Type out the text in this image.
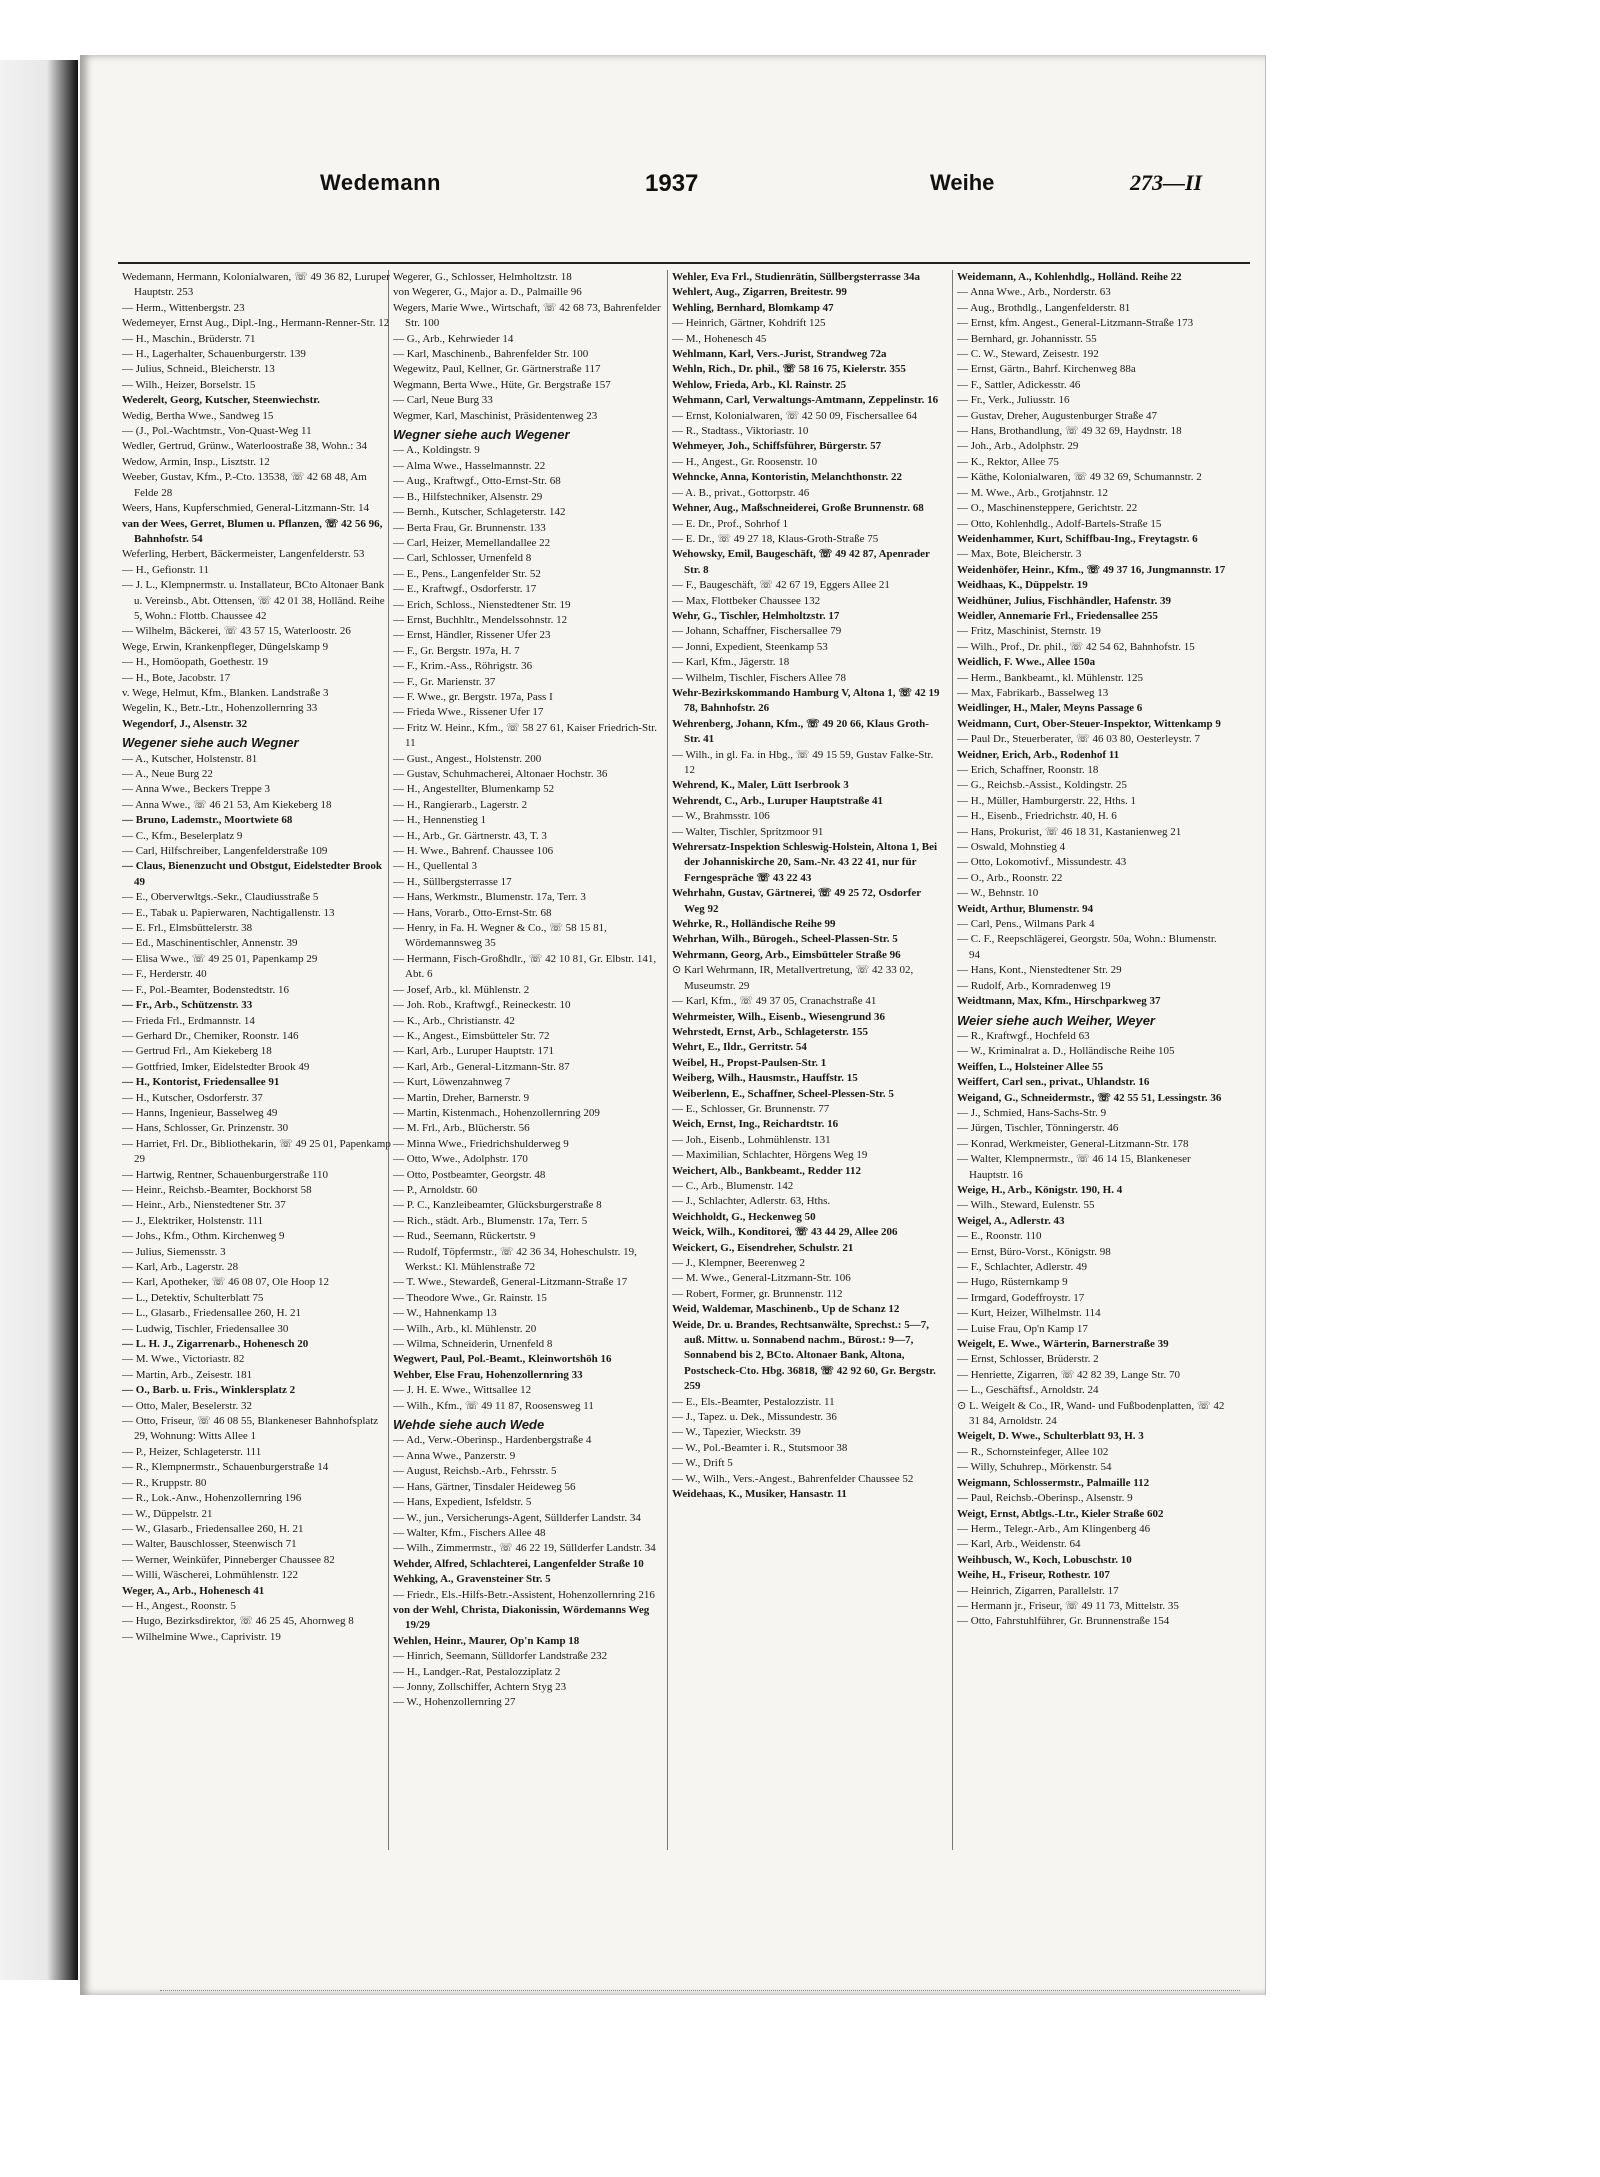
Wedemann	1937	Weihe	273—II

Wedemann, Hermann, Kolonialwaren, ☏ 49 36 82, Luruper Hauptstr. 253

— Herm., Wittenbergstr. 23

Wedemeyer, Ernst Aug., Dipl.-Ing., Hermann-Renner-Str. 12

— H., Maschin., Brüderstr. 71

— H., Lagerhalter, Schauenburgerstr. 139

— Julius, Schneid., Bleicherstr. 13

— Wilh., Heizer, Borselstr. 15

Wederelt, Georg, Kutscher, Steenwiechstr.

Wedig, Bertha Wwe., Sandweg 15

— (J., Pol.-Wachtmstr., Von-Quast-Weg 11

Wedler, Gertrud, Grünw., Waterloostraße 38, Wohn.: 34

Wedow, Armin, Insp., Lisztstr. 12

Weeber, Gustav, Kfm., P.-Cto. 13538, ☏ 42 68 48, Am Felde 28

Weers, Hans, Kupferschmied, General-Litzmann-Str. 14

van der Wees, Gerret, Blumen u. Pflanzen, ☏ 42 56 96, Bahnhofstr. 54

Weferling, Herbert, Bäckermeister, Langenfelderstr. 53

— H., Gefionstr. 11

— J. L., Klempnermstr. u. Installateur, BCto Altonaer Bank u. Vereinsb., Abt. Ottensen, ☏ 42 01 38, Holländ. Reihe 5, Wohn.: Flottb. Chaussee 42

— Wilhelm, Bäckerei, ☏ 43 57 15, Waterloostr. 26

Wege, Erwin, Krankenpfleger, Düngelskamp 9

— H., Homöopath, Goethestr. 19

— H., Bote, Jacobstr. 17

v. Wege, Helmut, Kfm., Blanken. Landstraße 3

Wegelin, K., Betr.-Ltr., Hohenzollernring 33

Wegendorf, J., Alsenstr. 32

Wegener siehe auch Wegner

— A., Kutscher, Holstenstr. 81

— A., Neue Burg 22

— Anna Wwe., Beckers Treppe 3

— Anna Wwe., ☏ 46 21 53, Am Kiekeberg 18

— Bruno, Lademstr., Moortwiete 68

— C., Kfm., Beselerplatz 9

— Carl, Hilfschreiber, Langenfelderstraße 109

— Claus, Bienenzucht und Obstgut, Eidelstedter Brook 49

— E., Oberverwltgs.-Sekr., Claudiusstraße 5

— E., Tabak u. Papierwaren, Nachtigallenstr. 13

— E. Frl., Elmsbüttelerstr. 38

— Ed., Maschinentischler, Annenstr. 39

— Elisa Wwe., ☏ 49 25 01, Papenkamp 29

— F., Herderstr. 40

— F., Pol.-Beamter, Bodenstedtstr. 16

— Fr., Arb., Schützenstr. 33

— Frieda Frl., Erdmannstr. 14

— Gerhard Dr., Chemiker, Roonstr. 146

— Gertrud Frl., Am Kiekeberg 18

— Gottfried, Imker, Eidelstedter Brook 49

— H., Kontorist, Friedensallee 91

— H., Kutscher, Osdorferstr. 37

— Hanns, Ingenieur, Basselweg 49

— Hans, Schlosser, Gr. Prinzenstr. 30

— Harriet, Frl. Dr., Bibliothekarin, ☏ 49 25 01, Papenkamp 29

— Hartwig, Rentner, Schauenburgerstraße 110

— Heinr., Reichsb.-Beamter, Bockhorst 58

— Heinr., Arb., Nienstedtener Str. 37

— J., Elektriker, Holstenstr. 111

— Johs., Kfm., Othm. Kirchenweg 9

— Julius, Siemensstr. 3

— Karl, Arb., Lagerstr. 28

— Karl, Apotheker, ☏ 46 08 07, Ole Hoop 12

— L., Detektiv, Schulterblatt 75

— L., Glasarb., Friedensallee 260, H. 21

— Ludwig, Tischler, Friedensallee 30

— L. H. J., Zigarrenarb., Hohenesch 20

— M. Wwe., Victoriastr. 82

— Martin, Arb., Zeisestr. 181

— O., Barb. u. Fris., Winklersplatz 2

— Otto, Maler, Beselerstr. 32

— Otto, Friseur, ☏ 46 08 55, Blankeneser Bahnhofsplatz 29, Wohnung: Witts Allee 1

— P., Heizer, Schlageterstr. 111

— R., Klempnermstr., Schauenburgerstraße 14

— R., Kruppstr. 80

— R., Lok.-Anw., Hohenzollernring 196

— W., Düppelstr. 21

— W., Glasarb., Friedensallee 260, H. 21

— Walter, Bauschlosser, Steenwisch 71

— Werner, Weinküfer, Pinneberger Chaussee 82

— Willi, Wäscherei, Lohmühlenstr. 122

Weger, A., Arb., Hohenesch 41

— H., Angest., Roonstr. 5

— Hugo, Bezirksdirektor, ☏ 46 25 45, Ahornweg 8

— Wilhelmine Wwe., Caprivistr. 19

Wegerer, G., Schlosser, Helmholtzstr. 18

von Wegerer, G., Major a. D., Palmaille 96

Wegers, Marie Wwe., Wirtschaft, ☏ 42 68 73, Bahrenfelder Str. 100

— G., Arb., Kehrwieder 14

— Karl, Maschinenb., Bahrenfelder Str. 100

Wegewitz, Paul, Kellner, Gr. Gärtnerstraße 117

Wegmann, Berta Wwe., Hüte, Gr. Bergstraße 157

— Carl, Neue Burg 33

Wegmer, Karl, Maschinist, Präsidentenweg 23

Wegner siehe auch Wegener

— A., Koldingstr. 9

— Alma Wwe., Hasselmannstr. 22

— Aug., Kraftwgf., Otto-Ernst-Str. 68

— B., Hilfstechniker, Alsenstr. 29

— Bernh., Kutscher, Schlageterstr. 142

— Berta Frau, Gr. Brunnenstr. 133

— Carl, Heizer, Memellandallee 22

— Carl, Schlosser, Urnenfeld 8

— E., Pens., Langenfelder Str. 52

— E., Kraftwgf., Osdorferstr. 17

— Erich, Schloss., Nienstedtener Str. 19

— Ernst, Buchhltr., Mendelssohnstr. 12

— Ernst, Händler, Rissener Ufer 23

— F., Gr. Bergstr. 197a, H. 7

— F., Krim.-Ass., Röhrigstr. 36

— F., Gr. Marienstr. 37

— F. Wwe., gr. Bergstr. 197a, Pass I

— Frieda Wwe., Rissener Ufer 17

— Fritz W. Heinr., Kfm., ☏ 58 27 61, Kaiser Friedrich-Str. 11

— Gust., Angest., Holstenstr. 200

— Gustav, Schuhmacherei, Altonaer Hochstr. 36

— H., Angestellter, Blumenkamp 52

— H., Rangierarb., Lagerstr. 2

— H., Hennenstieg 1

— H., Arb., Gr. Gärtnerstr. 43, T. 3

— H. Wwe., Bahrenf. Chaussee 106

— H., Quellental 3

— H., Süllbergsterrasse 17

— Hans, Werkmstr., Blumenstr. 17a, Terr. 3

— Hans, Vorarb., Otto-Ernst-Str. 68

— Henry, in Fa. H. Wegner & Co., ☏ 58 15 81, Wördemannsweg 35

— Hermann, Fisch-Großhdlr., ☏ 42 10 81, Gr. Elbstr. 141, Abt. 6

— Josef, Arb., kl. Mühlenstr. 2

— Joh. Rob., Kraftwgf., Reineckestr. 10

— K., Arb., Christianstr. 42

— K., Angest., Eimsbütteler Str. 72

— Karl, Arb., Luruper Hauptstr. 171

— Karl, Arb., General-Litzmann-Str. 87

— Kurt, Löwenzahnweg 7

— Martin, Dreher, Barnerstr. 9

— Martin, Kistenmach., Hohenzollernring 209

— M. Frl., Arb., Blücherstr. 56

— Minna Wwe., Friedrichshulderweg 9

— Otto, Wwe., Adolphstr. 170

— Otto, Postbeamter, Georgstr. 48

— P., Arnoldstr. 60

— P. C., Kanzleibeamter, Glücksburgerstraße 8

— Rich., städt. Arb., Blumenstr. 17a, Terr. 5

— Rud., Seemann, Rückertstr. 9

— Rudolf, Töpfermstr., ☏ 42 36 34, Hoheschulstr. 19, Werkst.: Kl. Mühlenstraße 72

— T. Wwe., Stewardeß, General-Litzmann-Straße 17

— Theodore Wwe., Gr. Rainstr. 15

— W., Hahnenkamp 13

— Wilh., Arb., kl. Mühlenstr. 20

— Wilma, Schneiderin, Urnenfeld 8

Wegwert, Paul, Pol.-Beamt., Kleinwortshöh 16

Wehber, Else Frau, Hohenzollernring 33

— J. H. E. Wwe., Wittsallee 12

— Wilh., Kfm., ☏ 49 11 87, Roosensweg 11

Wehde siehe auch Wede

— Ad., Verw.-Oberinsp., Hardenbergstraße 4

— Anna Wwe., Panzerstr. 9

— August, Reichsb.-Arb., Fehrsstr. 5

— Hans, Gärtner, Tinsdaler Heideweg 56

— Hans, Expedient, Isfeldstr. 5

— W., jun., Versicherungs-Agent, Süllderfer Landstr. 34

— Walter, Kfm., Fischers Allee 48

— Wilh., Zimmermstr., ☏ 46 22 19, Süllderfer Landstr. 34

Wehder, Alfred, Schlachterei, Langenfelder Straße 10

Wehking, A., Gravensteiner Str. 5

— Friedr., Els.-Hilfs-Betr.-Assistent, Hohenzollernring 216

von der Wehl, Christa, Diakonissin, Wördemanns Weg 19/29

Wehlen, Heinr., Maurer, Op'n Kamp 18

— Hinrich, Seemann, Sülldorfer Landstraße 232

— H., Landger.-Rat, Pestalozziplatz 2

— Jonny, Zollschiffer, Achtern Styg 23

— W., Hohenzollernring 27

Wehler, Eva Frl., Studienrätin, Süllbergsterrasse 34a

Wehlert, Aug., Zigarren, Breitestr. 99

Wehling, Bernhard, Blomkamp 47

— Heinrich, Gärtner, Kohdrift 125

— M., Hohenesch 45

Wehlmann, Karl, Vers.-Jurist, Strandweg 72a

Wehln, Rich., Dr. phil., ☏ 58 16 75, Kielerstr. 355

Wehlow, Frieda, Arb., Kl. Rainstr. 25

Wehmann, Carl, Verwaltungs-Amtmann, Zeppelinstr. 16

— Ernst, Kolonialwaren, ☏ 42 50 09, Fischersallee 64

— R., Stadtass., Viktoriastr. 10

Wehmeyer, Joh., Schiffsführer, Bürgerstr. 57

— H., Angest., Gr. Roosenstr. 10

Wehncke, Anna, Kontoristin, Melanchthonstr. 22

— A. B., privat., Gottorpstr. 46

Wehner, Aug., Maßschneiderei, Große Brunnenstr. 68

— E. Dr., Prof., Sohrhof 1

— E. Dr., ☏ 49 27 18, Klaus-Groth-Straße 75

Wehowsky, Emil, Baugeschäft, ☏ 49 42 87, Apenrader Str. 8

— F., Baugeschäft, ☏ 42 67 19, Eggers Allee 21

— Max, Flottbeker Chaussee 132

Wehr, G., Tischler, Helmholtzstr. 17

— Johann, Schaffner, Fischersallee 79

— Jonni, Expedient, Steenkamp 53

— Karl, Kfm., Jägerstr. 18

— Wilhelm, Tischler, Fischers Allee 78

Wehr-Bezirkskommando Hamburg V, Altona 1, ☏ 42 19 78, Bahnhofstr. 26

Wehrenberg, Johann, Kfm., ☏ 49 20 66, Klaus Groth-Str. 41

— Wilh., in gl. Fa. in Hbg., ☏ 49 15 59, Gustav Falke-Str. 12

Wehrend, K., Maler, Lütt Iserbrook 3

Wehrendt, C., Arb., Luruper Hauptstraße 41

— W., Brahmsstr. 106

— Walter, Tischler, Spritzmoor 91

Wehrersatz-Inspektion Schleswig-Holstein, Altona 1, Bei der Johanniskirche 20, Sam.-Nr. 43 22 41, nur für Ferngespräche ☏ 43 22 43

Wehrhahn, Gustav, Gärtnerei, ☏ 49 25 72, Osdorfer Weg 92

Wehrke, R., Holländische Reihe 99

Wehrhan, Wilh., Bürogeh., Scheel-Plassen-Str. 5

Wehrmann, Georg, Arb., Eimsbütteler Straße 96

⊙ Karl Wehrmann, IR, Metallvertretung, ☏ 42 33 02, Museumstr. 29

— Karl, Kfm., ☏ 49 37 05, Cranachstraße 41

Wehrmeister, Wilh., Eisenb., Wiesengrund 36

Wehrstedt, Ernst, Arb., Schlageterstr. 155

Wehrt, E., Ildr., Gerritstr. 54

Weibel, H., Propst-Paulsen-Str. 1

Weiberg, Wilh., Hausmstr., Hauffstr. 15

Weiberlenn, E., Schaffner, Scheel-Plessen-Str. 5

— E., Schlosser, Gr. Brunnenstr. 77

Weich, Ernst, Ing., Reichardtstr. 16

— Joh., Eisenb., Lohmühlenstr. 131

— Maximilian, Schlachter, Hörgens Weg 19

Weichert, Alb., Bankbeamt., Redder 112

— C., Arb., Blumenstr. 142

— J., Schlachter, Adlerstr. 63, Hths.

Weichholdt, G., Heckenweg 50

Weick, Wilh., Konditorei, ☏ 43 44 29, Allee 206

Weickert, G., Eisendreher, Schulstr. 21

— J., Klempner, Beerenweg 2

— M. Wwe., General-Litzmann-Str. 106

— Robert, Former, gr. Brunnenstr. 112

Weid, Waldemar, Maschinenb., Up de Schanz 12

Weide, Dr. u. Brandes, Rechtsanwälte, Sprechst.: 5—7, auß. Mittw. u. Sonnabend nachm., Bürost.: 9—7, Sonnabend bis 2, BCto. Altonaer Bank, Altona, Postscheck-Cto. Hbg. 36818, ☏ 42 92 60, Gr. Bergstr. 259

— E., Els.-Beamter, Pestalozzistr. 11

— J., Tapez. u. Dek., Missundestr. 36

— W., Tapezier, Wieckstr. 39

— W., Pol.-Beamter i. R., Stutsmoor 38

— W., Drift 5

— W., Wilh., Vers.-Angest., Bahrenfelder Chaussee 52

Weidehaas, K., Musiker, Hansastr. 11

Weidemann, A., Kohlenhdlg., Holländ. Reihe 22

— Anna Wwe., Arb., Norderstr. 63

— Aug., Brothdlg., Langenfelderstr. 81

— Ernst, kfm. Angest., General-Litzmann-Straße 173

— Bernhard, gr. Johannisstr. 55

— C. W., Steward, Zeisestr. 192

— Ernst, Gärtn., Bahrf. Kirchenweg 88a

— F., Sattler, Adickesstr. 46

— Fr., Verk., Juliusstr. 16

— Gustav, Dreher, Augustenburger Straße 47

— Hans, Brothandlung, ☏ 49 32 69, Haydnstr. 18

— Joh., Arb., Adolphstr. 29

— K., Rektor, Allee 75

— Käthe, Kolonialwaren, ☏ 49 32 69, Schumannstr. 2

— M. Wwe., Arb., Grotjahnstr. 12

— O., Maschinensteppere, Gerichtstr. 22

— Otto, Kohlenhdlg., Adolf-Bartels-Straße 15

Weidenhammer, Kurt, Schiffbau-Ing., Freytagstr. 6

— Max, Bote, Bleicherstr. 3

Weidenhöfer, Heinr., Kfm., ☏ 49 37 16, Jungmannstr. 17

Weidhaas, K., Düppelstr. 19

Weidhüner, Julius, Fischhändler, Hafenstr. 39

Weidler, Annemarie Frl., Friedensallee 255

— Fritz, Maschinist, Sternstr. 19

— Wilh., Prof., Dr. phil., ☏ 42 54 62, Bahnhofstr. 15

Weidlich, F. Wwe., Allee 150a

— Herm., Bankbeamt., kl. Mühlenstr. 125

— Max, Fabrikarb., Basselweg 13

Weidlinger, H., Maler, Meyns Passage 6

Weidmann, Curt, Ober-Steuer-Inspektor, Wittenkamp 9

— Paul Dr., Steuerberater, ☏ 46 03 80, Oesterleystr. 7

Weidner, Erich, Arb., Rodenhof 11

— Erich, Schaffner, Roonstr. 18

— G., Reichsb.-Assist., Koldingstr. 25

— H., Müller, Hamburgerstr. 22, Hths. 1

— H., Eisenb., Friedrichstr. 40, H. 6

— Hans, Prokurist, ☏ 46 18 31, Kastanienweg 21

— Oswald, Mohnstieg 4

— Otto, Lokomotivf., Missundestr. 43

— O., Arb., Roonstr. 22

— W., Behnstr. 10

Weidt, Arthur, Blumenstr. 94

— Carl, Pens., Wilmans Park 4

— C. F., Reepschlägerei, Georgstr. 50a, Wohn.: Blumenstr. 94

— Hans, Kont., Nienstedtener Str. 29

— Rudolf, Arb., Kornradenweg 19

Weidtmann, Max, Kfm., Hirschparkweg 37

Weier siehe auch Weiher, Weyer

— R., Kraftwgf., Hochfeld 63

— W., Kriminalrat a. D., Holländische Reihe 105

Weiffen, L., Holsteiner Allee 55

Weiffert, Carl sen., privat., Uhlandstr. 16

Weigand, G., Schneidermstr., ☏ 42 55 51, Lessingstr. 36

— J., Schmied, Hans-Sachs-Str. 9

— Jürgen, Tischler, Tönningerstr. 46

— Konrad, Werkmeister, General-Litzmann-Str. 178

— Walter, Klempnermstr., ☏ 46 14 15, Blankeneser Hauptstr. 16

Weige, H., Arb., Königstr. 190, H. 4

— Wilh., Steward, Eulenstr. 55

Weigel, A., Adlerstr. 43

— E., Roonstr. 110

— Ernst, Büro-Vorst., Königstr. 98

— F., Schlachter, Adlerstr. 49

— Hugo, Rüsternkamp 9

— Irmgard, Godeffroystr. 17

— Kurt, Heizer, Wilhelmstr. 114

— Luise Frau, Op'n Kamp 17

Weigelt, E. Wwe., Wärterin, Barnerstraße 39

— Ernst, Schlosser, Brüderstr. 2

— Henriette, Zigarren, ☏ 42 82 39, Lange Str. 70

— L., Geschäftsf., Arnoldstr. 24

⊙ L. Weigelt & Co., IR, Wand- und Fußbodenplatten, ☏ 42 31 84, Arnoldstr. 24

Weigelt, D. Wwe., Schulterblatt 93, H. 3

— R., Schornsteinfeger, Allee 102

— Willy, Schuhrep., Mörkenstr. 54

Weigmann, Schlossermstr., Palmaille 112

— Paul, Reichsb.-Oberinsp., Alsenstr. 9

Weigt, Ernst, Abtlgs.-Ltr., Kieler Straße 602

— Herm., Telegr.-Arb., Am Klingenberg 46

— Karl, Arb., Weidenstr. 64

Weihbusch, W., Koch, Lobuschstr. 10

Weihe, H., Friseur, Rothestr. 107

— Heinrich, Zigarren, Parallelstr. 17

— Hermann jr., Friseur, ☏ 49 11 73, Mittelstr. 35

— Otto, Fahrstuhlführer, Gr. Brunnenstraße 154
